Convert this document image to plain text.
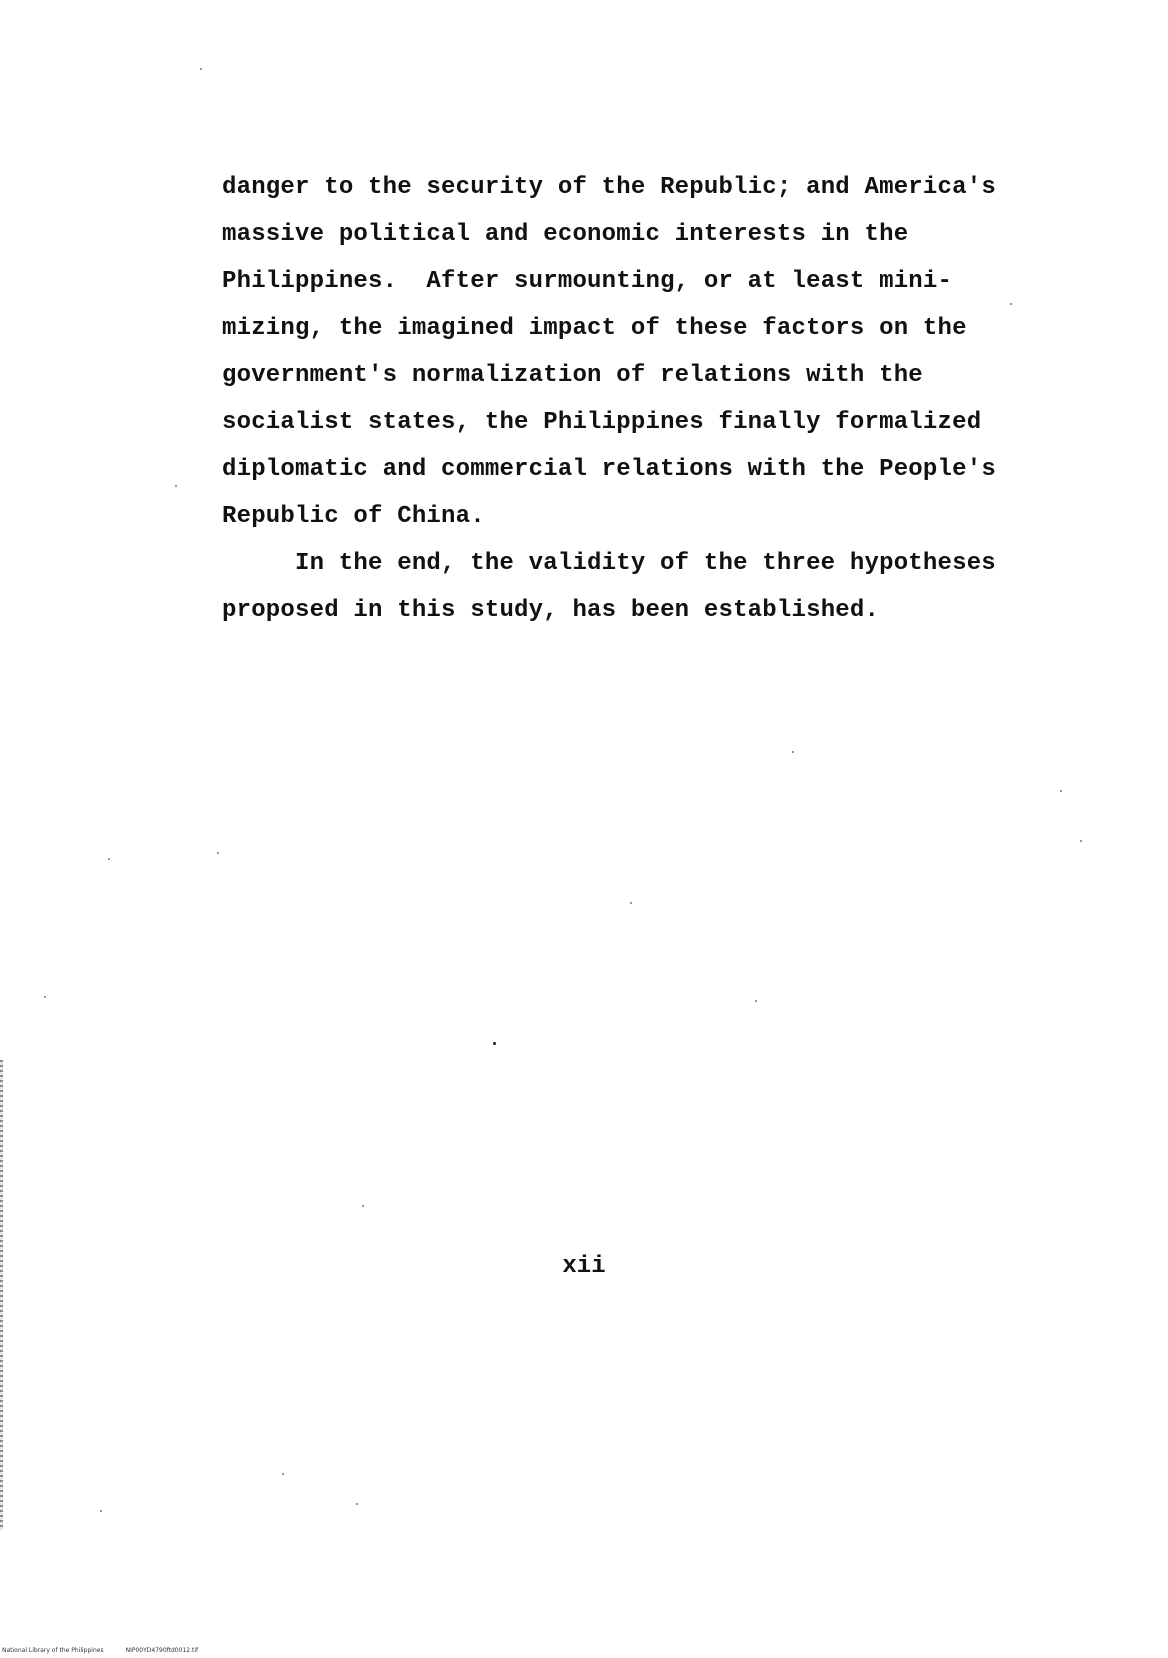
danger to the security of the Republic; and America's
massive political and economic interests in the
Philippines.  After surmounting, or at least mini-
mizing, the imagined impact of these factors on the
government's normalization of relations with the
socialist states, the Philippines finally formalized
diplomatic and commercial relations with the People's
Republic of China.
In the end, the validity of the three hypotheses
proposed in this study, has been established.
xii
National Library of the Philippines	NIP00YD4790ftd0012.tif
